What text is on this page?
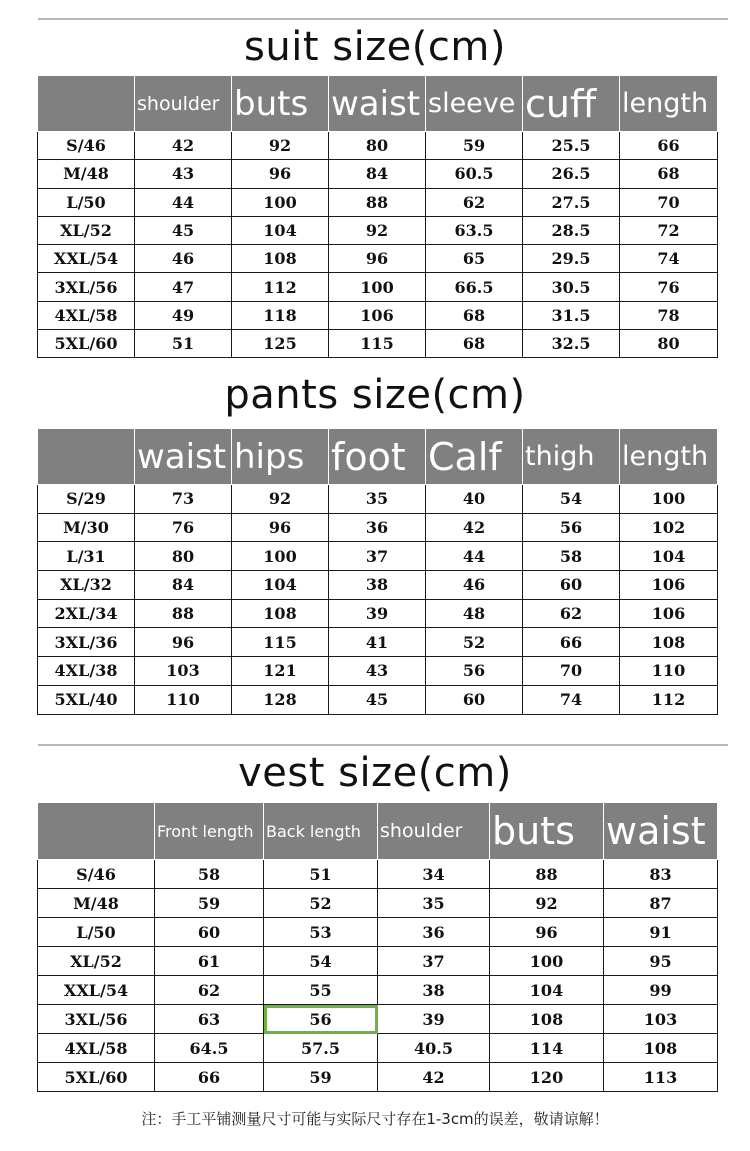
suit size(cm)
	shoulder	buts	waist	sleeve	cuff	length
S/46	42	92	80	59	25.5	66
M/48	43	96	84	60.5	26.5	68
L/50	44	100	88	62	27.5	70
XL/52	45	104	92	63.5	28.5	72
XXL/54	46	108	96	65	29.5	74
3XL/56	47	112	100	66.5	30.5	76
4XL/58	49	118	106	68	31.5	78
5XL/60	51	125	115	68	32.5	80
pants size(cm)
	waist	hips	foot	Calf	thigh	length
S/29	73	92	35	40	54	100
M/30	76	96	36	42	56	102
L/31	80	100	37	44	58	104
XL/32	84	104	38	46	60	106
2XL/34	88	108	39	48	62	106
3XL/36	96	115	41	52	66	108
4XL/38	103	121	43	56	70	110
5XL/40	110	128	45	60	74	112
vest size(cm)
	Front length	Back length	shoulder	buts	waist
S/46	58	51	34	88	83
M/48	59	52	35	92	87
L/50	60	53	36	96	91
XL/52	61	54	37	100	95
XXL/54	62	55	38	104	99
3XL/56	63	56	39	108	103
4XL/58	64.5	57.5	40.5	114	108
5XL/60	66	59	42	120	113
注：手工平铺测量尺寸可能与实际尺寸存在1-3cm的误差，敬请谅解！
